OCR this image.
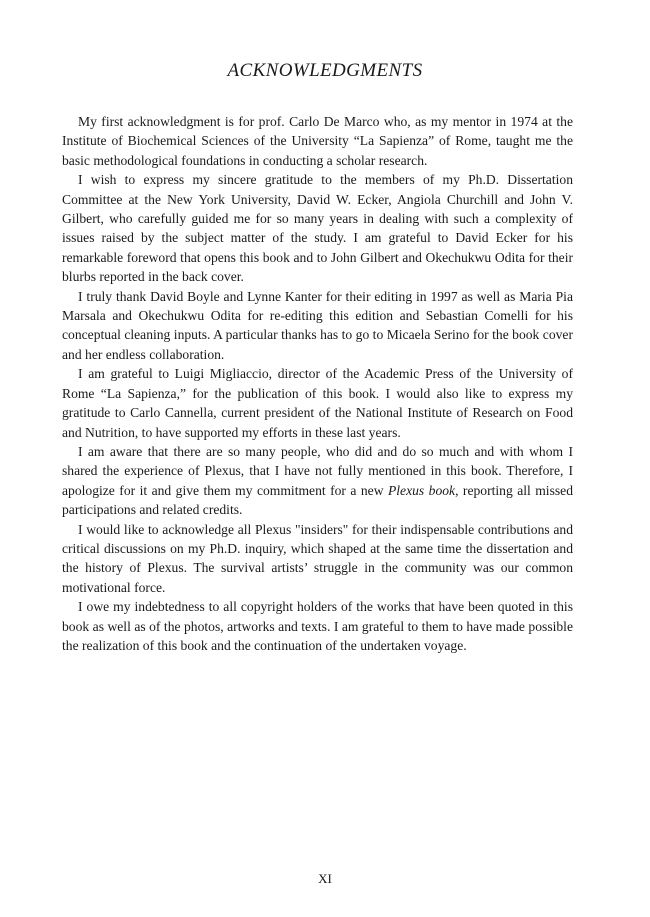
ACKNOWLEDGMENTS

My first acknowledgment is for prof. Carlo De Marco who, as my mentor in 1974 at the Institute of Biochemical Sciences of the University “La Sapienza” of Rome, taught me the basic methodological foundations in conducting a scholar research.

I wish to express my sincere gratitude to the members of my Ph.D. Dissertation Committee at the New York University, David W. Ecker, Angiola Churchill and John V. Gilbert, who carefully guided me for so many years in dealing with such a complexity of issues raised by the subject matter of the study. I am grateful to David Ecker for his remarkable foreword that opens this book and to John Gilbert and Okechukwu Odita for their blurbs reported in the back cover.

I truly thank David Boyle and Lynne Kanter for their editing in 1997 as well as Maria Pia Marsala and Okechukwu Odita for re-editing this edition and Sebastian Comelli for his conceptual cleaning inputs. A particular thanks has to go to Micaela Serino for the book cover and her endless collaboration.

I am grateful to Luigi Migliaccio, director of the Academic Press of the University of Rome “La Sapienza,” for the publication of this book. I would also like to express my gratitude to Carlo Cannella, current president of the National Institute of Research on Food and Nutrition, to have supported my efforts in these last years.

I am aware that there are so many people, who did and do so much and with whom I shared the experience of Plexus, that I have not fully mentioned in this book. Therefore, I apologize for it and give them my commitment for a new Plexus book, reporting all missed participations and related credits.

I would like to acknowledge all Plexus "insiders" for their indispensable contributions and critical discussions on my Ph.D. inquiry, which shaped at the same time the dissertation and the history of Plexus. The survival artists’ struggle in the community was our common motivational force.

I owe my indebtedness to all copyright holders of the works that have been quoted in this book as well as of the photos, artworks and texts. I am grateful to them to have made possible the realization of this book and the continuation of the undertaken voyage.

XI
